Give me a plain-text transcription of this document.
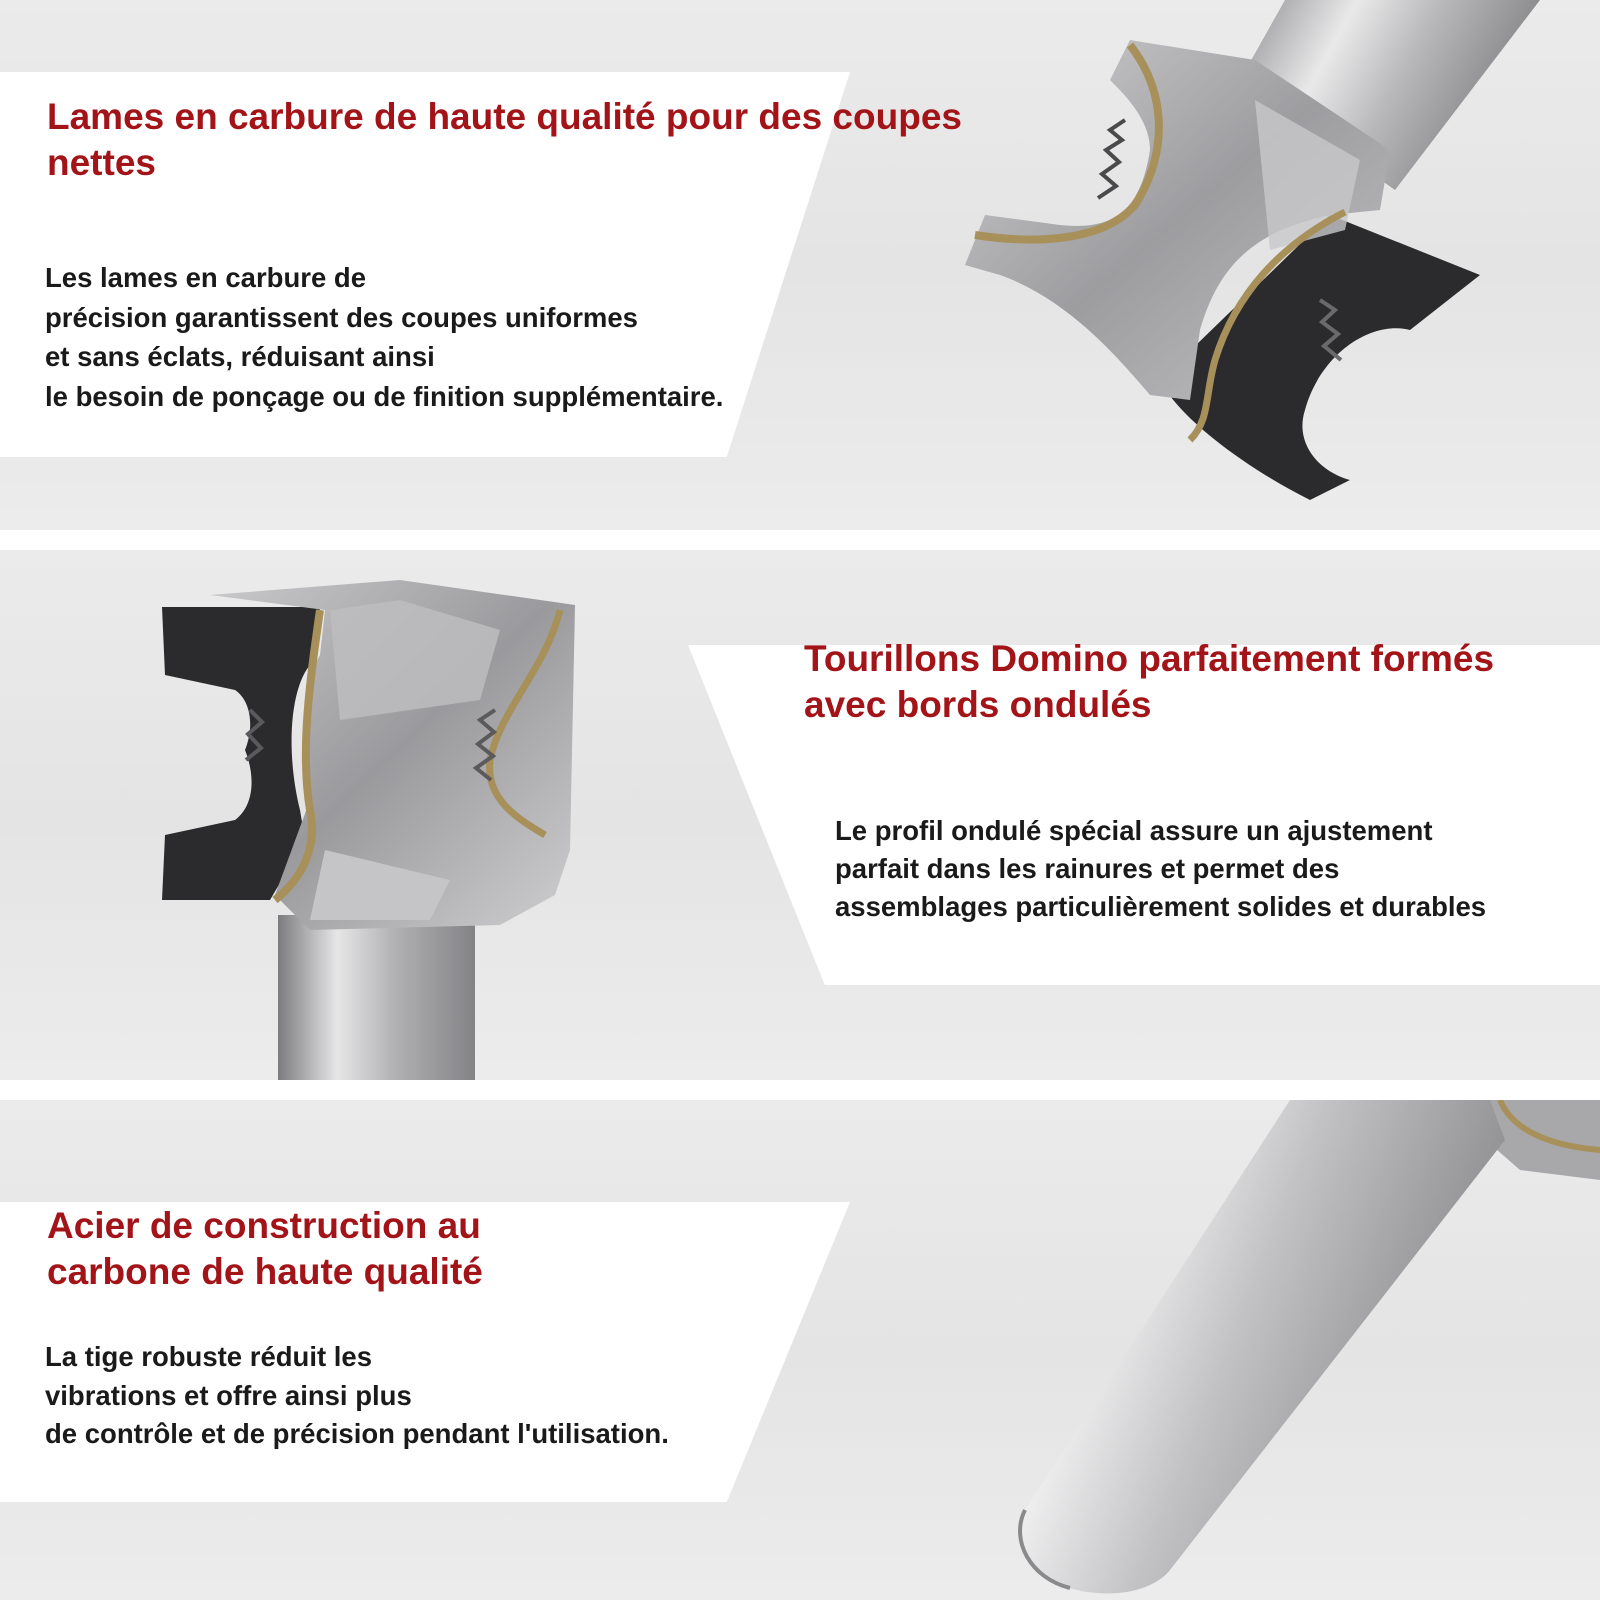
Lames en carbure de haute qualité pour des coupes
nettes

Les lames en carbure de
précision garantissent des coupes uniformes
et sans éclats, réduisant ainsi
le besoin de ponçage ou de finition supplémentaire.

Tourillons Domino parfaitement formés
avec bords ondulés

Le profil ondulé spécial assure un ajustement
parfait dans les rainures et permet des
assemblages particulièrement solides et durables

Acier de construction au
carbone de haute qualité

La tige robuste réduit les
vibrations et offre ainsi plus
de contrôle et de précision pendant l'utilisation.
